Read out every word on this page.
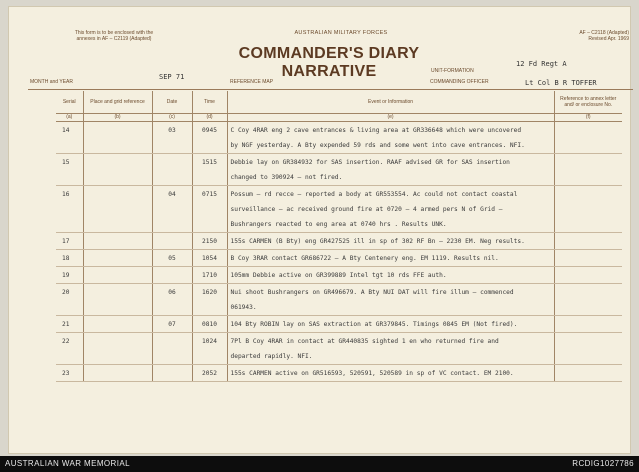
This form is to be enclosed with the
annexes in AF – C2119 (Adapted)
AUSTRALIAN MILITARY FORCES	AF – C2118 (Adapted)
Revised Apr. 1969
COMMANDER'S DIARY NARRATIVE	UNIT-FORMATION
12 Fd Regt A
MONTH and YEAR
SEP 71
REFERENCE MAP	COMMANDING OFFICER	Lt Col B R TOFFER
Serial	Place and grid reference	Date	Time	Event or Information	Reference to annex letter and/ or enclosure No.
(a)	(b)	(c)	(d)	(e)	(f)
14		03	0945	C Coy 4RAR eng 2 cave entrances & living area at GR336648 which were uncovered
by NGF yesterday. A Bty expended 59 rds and some went into cave entrances. NFI.	

15			1515	Debbie lay on GR384932 for SAS insertion. RAAF advised GR for SAS insertion
changed to 390924 – not fired.	

16		04	0715	Possum – rd recce – reported a body at GR553554. Ac could not contact coastal
surveillance – ac received ground fire at 0720 – 4 armed pers N of Grid –
Bushrangers reacted to eng area at 0740 hrs . Results UNK.	

17			2150	155s CARMEN (B Bty) eng GR427525 ill in sp of 302 RF Bn – 2230 EM. Neg results.	

18		05	1054	B Coy 3RAR contact GR686722 – A Bty Centenery eng. EM 1119. Results nil.	

19			1710	105mm Debbie active on GR399889 Intel tgt 10 rds FFE auth.	

20		06	1620	Nui shoot Bushrangers on GR496679. A Bty NUI DAT will fire illum – commenced
061943.	

21		07	0810	104 Bty ROBIN lay on SAS extraction at GR379845. Timings 0845 EM (Not fired).	

22			1024	7Pl B Coy 4RAR in contact at GR440835 sighted 1 en who returned fire and
departed rapidly. NFI.	

23			2052	155s CARMEN active on GR516593, 520591, 520589 in sp of VC contact. EM 2100.	

AUSTRALIAN WAR MEMORIAL	RCDIG1027786
